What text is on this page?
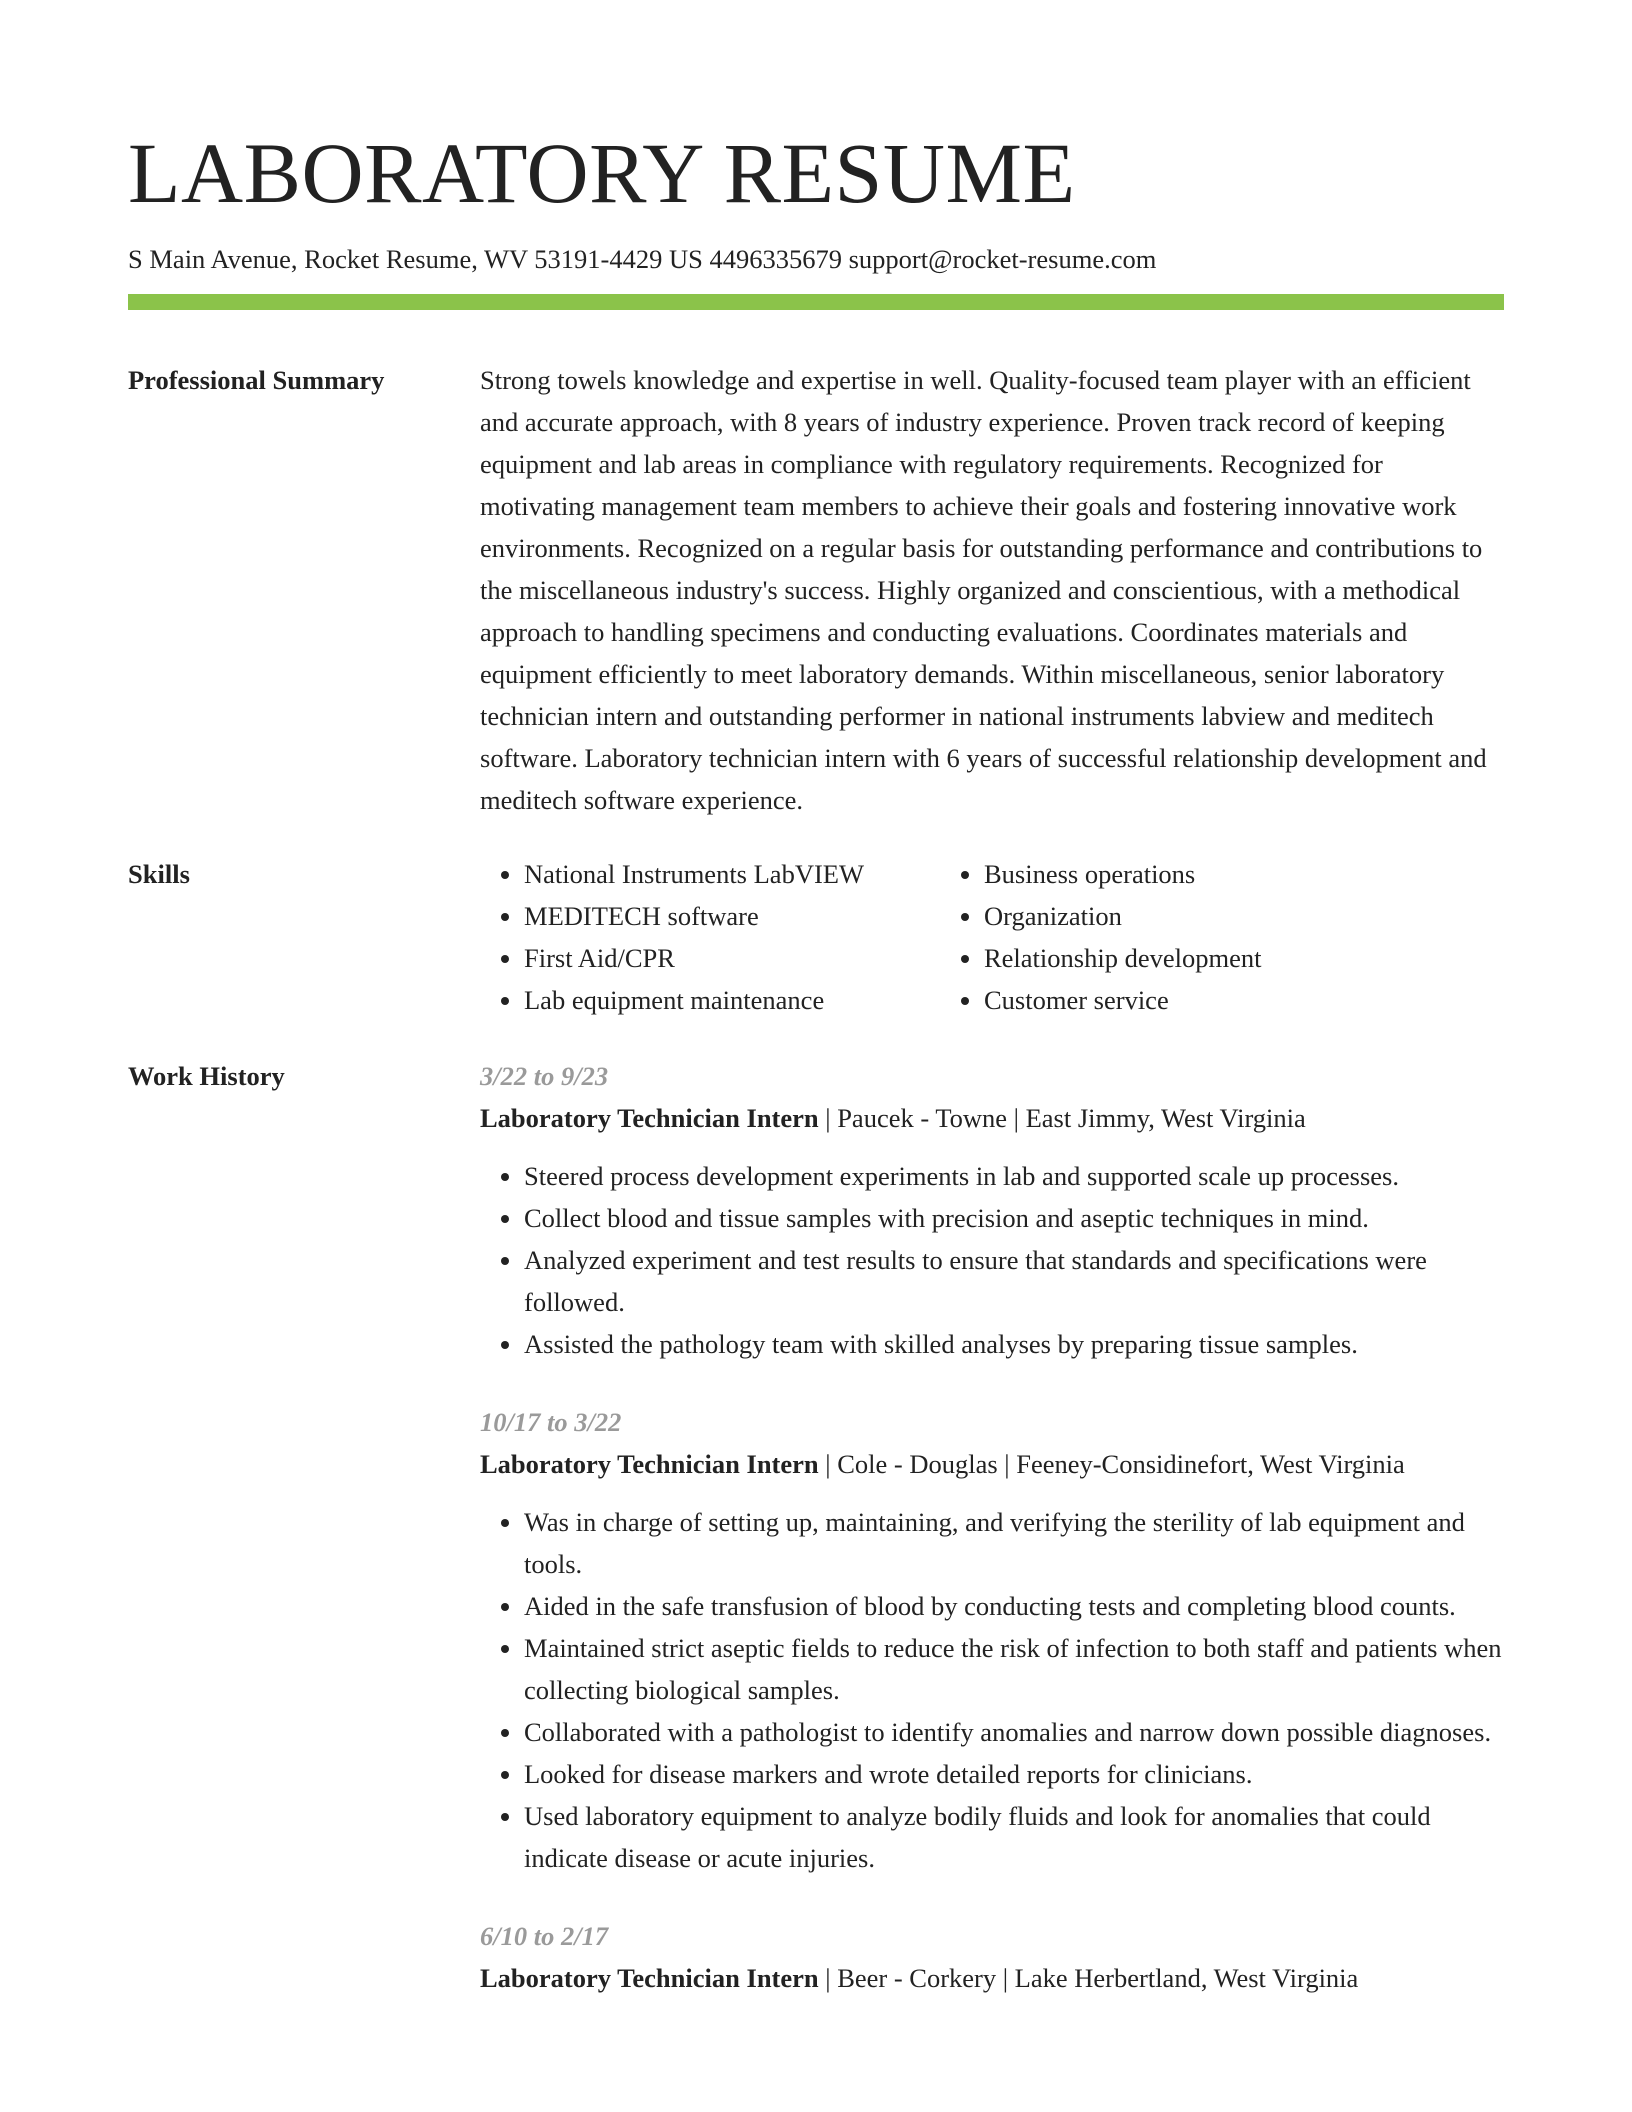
LABORATORY RESUME
S Main Avenue, Rocket Resume, WV 53191-4429 US 4496335679 support@rocket-resume.com
Professional Summary	Strong towels knowledge and expertise in well. Quality-focused team player with an efficient and accurate approach, with 8 years of industry experience. Proven track record of keeping equipment and lab areas in compliance with regulatory requirements. Recognized for motivating management team members to achieve their goals and fostering innovative work environments. Recognized on a regular basis for outstanding performance and contributions to the miscellaneous industry's success. Highly organized and conscientious, with a methodical approach to handling specimens and conducting evaluations. Coordinates materials and equipment efficiently to meet laboratory demands. Within miscellaneous, senior laboratory technician intern and outstanding performer in national instruments labview and meditech software. Laboratory technician intern with 6 years of successful relationship development and meditech software experience.
Skills
•	National Instruments LabVIEW
• MEDITECH software
• First Aid/CPR
• Lab equipment maintenance
• Business operations
• Organization
• Relationship development
• Customer service
Work History	3/22 to 9/23
Laboratory Technician Intern | Paucek - Towne | East Jimmy, West Virginia
• Steered process development experiments in lab and supported scale up processes.
• Collect blood and tissue samples with precision and aseptic techniques in mind.
• Analyzed experiment and test results to ensure that standards and specifications were followed.
• Assisted the pathology team with skilled analyses by preparing tissue samples.
10/17 to 3/22
Laboratory Technician Intern | Cole - Douglas | Feeney-Considinefort, West Virginia
• Was in charge of setting up, maintaining, and verifying the sterility of lab equipment and tools.
• Aided in the safe transfusion of blood by conducting tests and completing blood counts.
• Maintained strict aseptic fields to reduce the risk of infection to both staff and patients when collecting biological samples.
• Collaborated with a pathologist to identify anomalies and narrow down possible diagnoses.
• Looked for disease markers and wrote detailed reports for clinicians.
• Used laboratory equipment to analyze bodily fluids and look for anomalies that could indicate disease or acute injuries.
6/10 to 2/17
Laboratory Technician Intern | Beer - Corkery | Lake Herbertland, West Virginia
